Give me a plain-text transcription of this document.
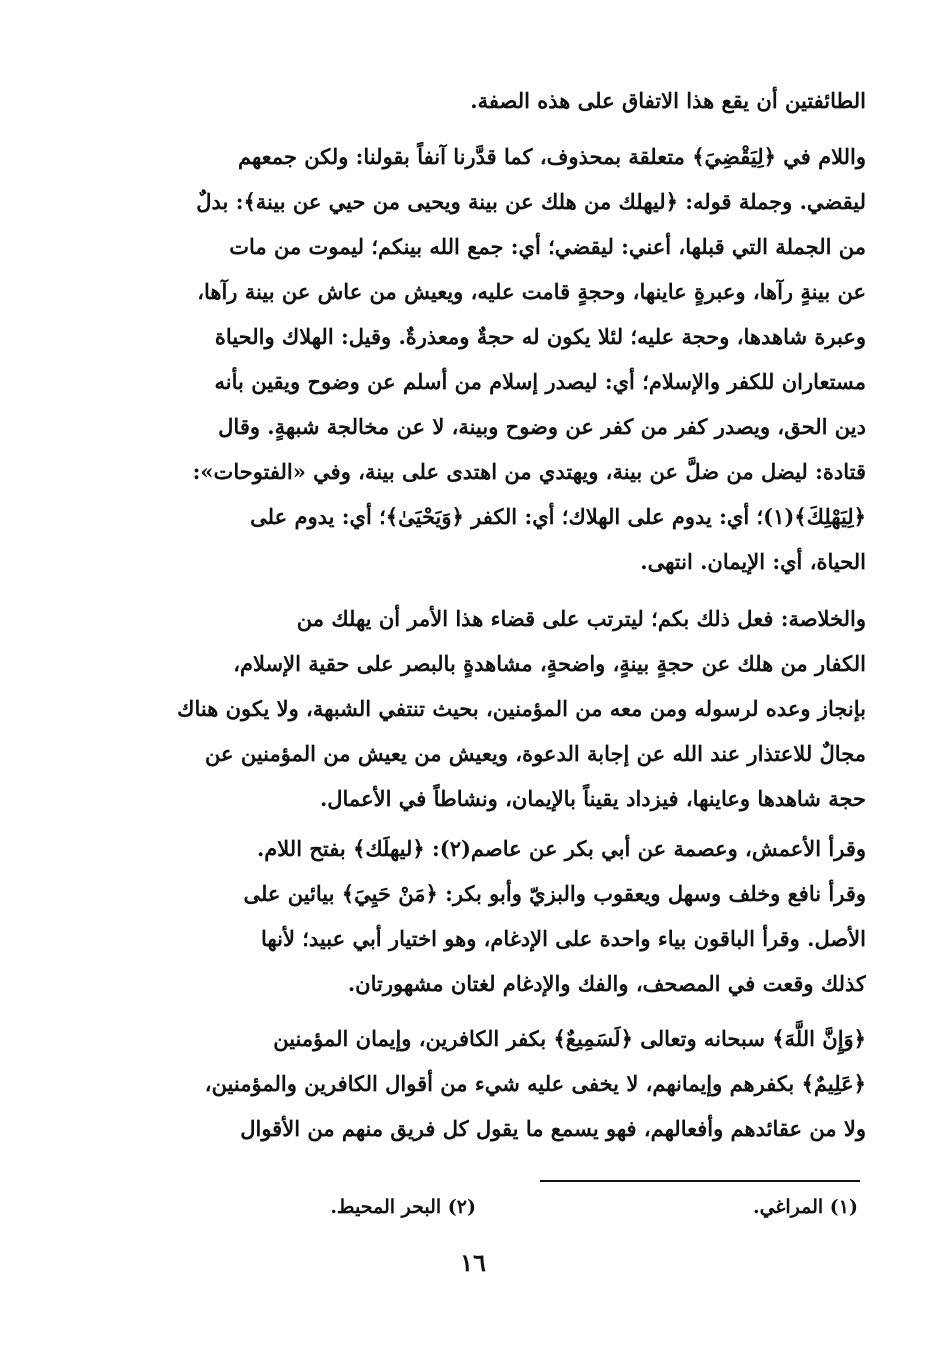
الطائفتين أن يقع هذا الاتفاق على هذه الصفة.
واللام في ﴿لِيَقْضِيَ﴾ متعلقة بمحذوف، كما قدَّرنا آنفاً بقولنا: ولكن جمعهم
ليقضي. وجملة قوله: ﴿ليهلك من هلك عن بينة ويحيى من حيي عن بينة﴾: بدلٌ
من الجملة التي قبلها، أعني: ليقضي؛ أي: جمع الله بينكم؛ ليموت من مات
عن بينةٍ رآها، وعبرةٍ عاينها، وحجةٍ قامت عليه، ويعيش من عاش عن بينة رآها،
وعبرة شاهدها، وحجة عليه؛ لئلا يكون له حجةٌ ومعذرةٌ. وقيل: الهلاك والحياة
مستعاران للكفر والإسلام؛ أي: ليصدر إسلام من أسلم عن وضوح ويقين بأنه
دين الحق، ويصدر كفر من كفر عن وضوح وبينة، لا عن مخالجة شبهةٍ. وقال
قتادة: ليضل من ضلَّ عن بينة، ويهتدي من اهتدى على بينة، وفي «الفتوحات»:
﴿لِيَهْلِكَ﴾(١)؛ أي: يدوم على الهلاك؛ أي: الكفر ﴿وَيَحْيَىٰ﴾؛ أي: يدوم على
الحياة، أي: الإيمان. انتهى.
والخلاصة: فعل ذلك بكم؛ ليترتب على قضاء هذا الأمر أن يهلك من
الكفار من هلك عن حجةٍ بينةٍ، واضحةٍ، مشاهدةٍ بالبصر على حقية الإسلام،
بإنجاز وعده لرسوله ومن معه من المؤمنين، بحيث تنتفي الشبهة، ولا يكون هناك
مجالٌ للاعتذار عند الله عن إجابة الدعوة، ويعيش من يعيش من المؤمنين عن
حجة شاهدها وعاينها، فيزداد يقيناً بالإيمان، ونشاطاً في الأعمال.
وقرأ الأعمش، وعصمة عن أبي بكر عن عاصم(٢): ﴿ليهلَك﴾ بفتح اللام.
وقرأ نافع وخلف وسهل ويعقوب والبزيّ وأبو بكر: ﴿مَنْ حَيِيَ﴾ بيائين على
الأصل. وقرأ الباقون بياء واحدة على الإدغام، وهو اختيار أبي عبيد؛ لأنها
كذلك وقعت في المصحف، والفك والإدغام لغتان مشهورتان.
﴿وَإِنَّ اللَّهَ﴾ سبحانه وتعالى ﴿لَسَمِيعٌ﴾ بكفر الكافرين، وإيمان المؤمنين
﴿عَلِيمٌ﴾ بكفرهم وإيمانهم، لا يخفى عليه شيء من أقوال الكافرين والمؤمنين،
ولا من عقائدهم وأفعالهم، فهو يسمع ما يقول كل فريق منهم من الأقوال
(١) المراغي.
(٢) البحر المحيط.
١٦
